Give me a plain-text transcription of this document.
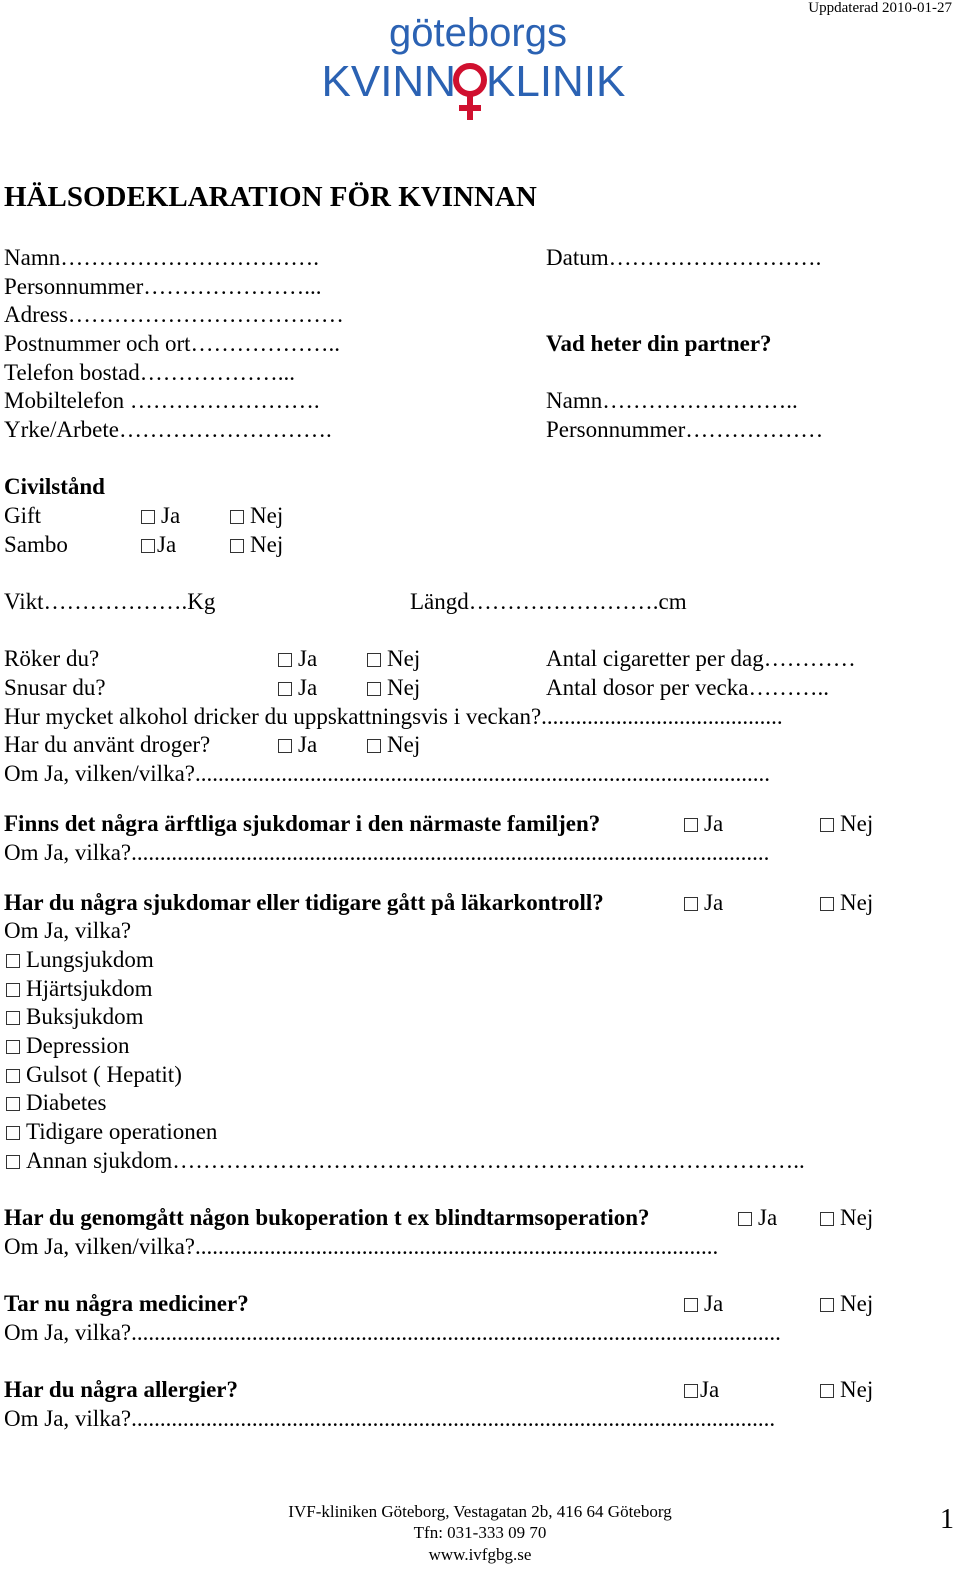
Uppdaterad 2010-01-27
göteborgs
KVINN KLINIK
HÄLSODEKLARATION FÖR KVINNAN
Namn…………………………….
Personnummer…………………...
Adress………………………………
Postnummer och ort………………..
Telefon bostad………………...
Mobiltelefon …………………….
Yrke/Arbete……………………….
Datum……………………….
Vad heter din partner?
Namn……………………..
Personnummer………………
Civilstånd
Gift	Ja	Nej
Sambo	Ja	Nej
Vikt……………….Kg	Längd…………………….cm
Röker du?	Ja	Nej	Antal cigaretter per dag…………
Snusar du?	Ja	Nej	Antal dosor per vecka………..
Hur mycket alkohol dricker du uppskattningsvis i veckan?..........................................
Har du använt droger?	Ja	Nej
Om Ja, vilken/vilka?....................................................................................................
Finns det några ärftliga sjukdomar i den närmaste familjen?	Ja	Nej
Om Ja, vilka?...............................................................................................................
Har du några sjukdomar eller tidigare gått på läkarkontroll?	Ja	Nej
Om Ja, vilka?
Lungsjukdom
Hjärtsjukdom
Buksjukdom
Depression
Gulsot ( Hepatit)
Diabetes
Tidigare operationen
Annan sjukdom………………………………………………………………………..
Har du genomgått någon bukoperation t ex blindtarmsoperation?	Ja	Nej
Om Ja, vilken/vilka?...........................................................................................
Tar nu några mediciner?	Ja	Nej
Om Ja, vilka?.................................................................................................................
Har du några allergier?	Ja	Nej
Om Ja, vilka?................................................................................................................
IVF-kliniken Göteborg, Vestagatan 2b, 416 64 Göteborg
Tfn: 031-333 09 70
www.ivfgbg.se
1
